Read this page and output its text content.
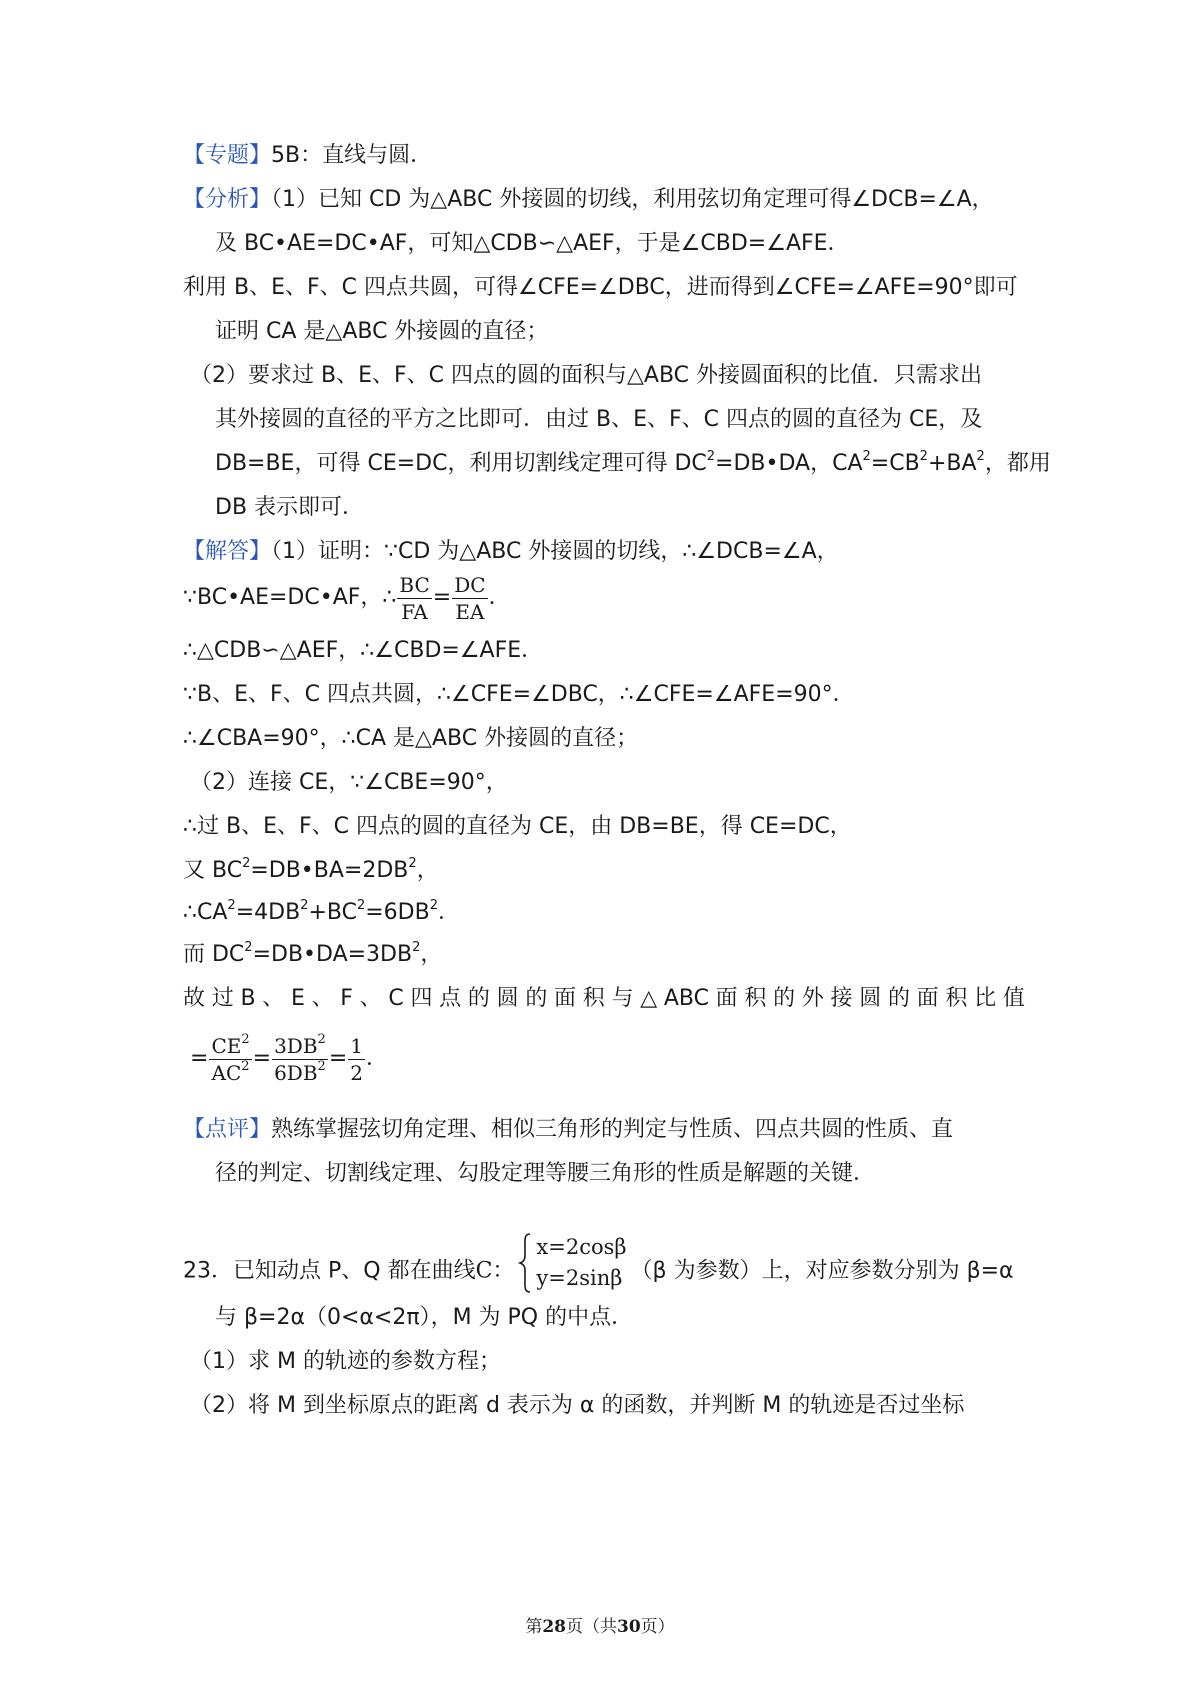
【专题】5B：直线与圆．
【分析】（1）已知 CD 为△ABC 外接圆的切线，利用弦切角定理可得∠DCB=∠A，
及 BC•AE=DC•AF，可知△CDB∽△AEF，于是∠CBD=∠AFE．
利用 B、E、F、C 四点共圆，可得∠CFE=∠DBC，进而得到∠CFE=∠AFE=90°即可
证明 CA 是△ABC 外接圆的直径；
（2）要求过 B、E、F、C 四点的圆的面积与△ABC 外接圆面积的比值．只需求出
其外接圆的直径的平方之比即可．由过 B、E、F、C 四点的圆的直径为 CE，及
DB=BE，可得 CE=DC，利用切割线定理可得 $DC^2=DB•DA$，$CA^2=CB^2+BA^2$，都用
DB 表示即可．
【解答】（1）证明：∵CD 为△ABC 外接圆的切线，∴∠DCB=∠A，
∵BC•AE=DC•AF，∴ $\frac{BC}{FA} = \frac{DC}{EA}$ ．
∴△CDB∽△AEF，∴∠CBD=∠AFE．
∵B、E、F、C 四点共圆，∴∠CFE=∠DBC，∴∠CFE=∠AFE=90°．
∴∠CBA=90°，∴CA 是△ABC 外接圆的直径；
（2）连接 CE，∵∠CBE=90°，
∴过 B、E、F、C 四点的圆的直径为 CE，由 DB=BE，得 CE=DC，
又 $BC^2=DB•BA=2DB^2$，
$\therefore CA^2=4DB^2+BC^2=6DB^2$．
而 $DC^2=DB•DA=3DB^2$，
故 过 B 、 E 、 F 、 C 四 点 的 圆 的 面 积 与 △ ABC 面 积 的 外 接 圆 的 面 积 比 值
= $\frac{CE^2}{AC^2} = \frac{3DB^2}{6DB^2} = \frac{1}{2}$ ．
【点评】熟练掌握弦切角定理、相似三角形的判定与性质、四点共圆的性质、直
径的判定、切割线定理、勾股定理等腰三角形的性质是解题的关键．
23．已知动点 P、Q 都在曲线C：
x=2cosβ
y=2sinβ （β 为参数）上，对应参数分别为 β=α
与 β=2α（0<α<2π），M 为 PQ 的中点．
（1）求 M 的轨迹的参数方程；
（2）将 M 到坐标原点的距离 d 表示为 α 的函数，并判断 M 的轨迹是否过坐标
第28页（共30页）
